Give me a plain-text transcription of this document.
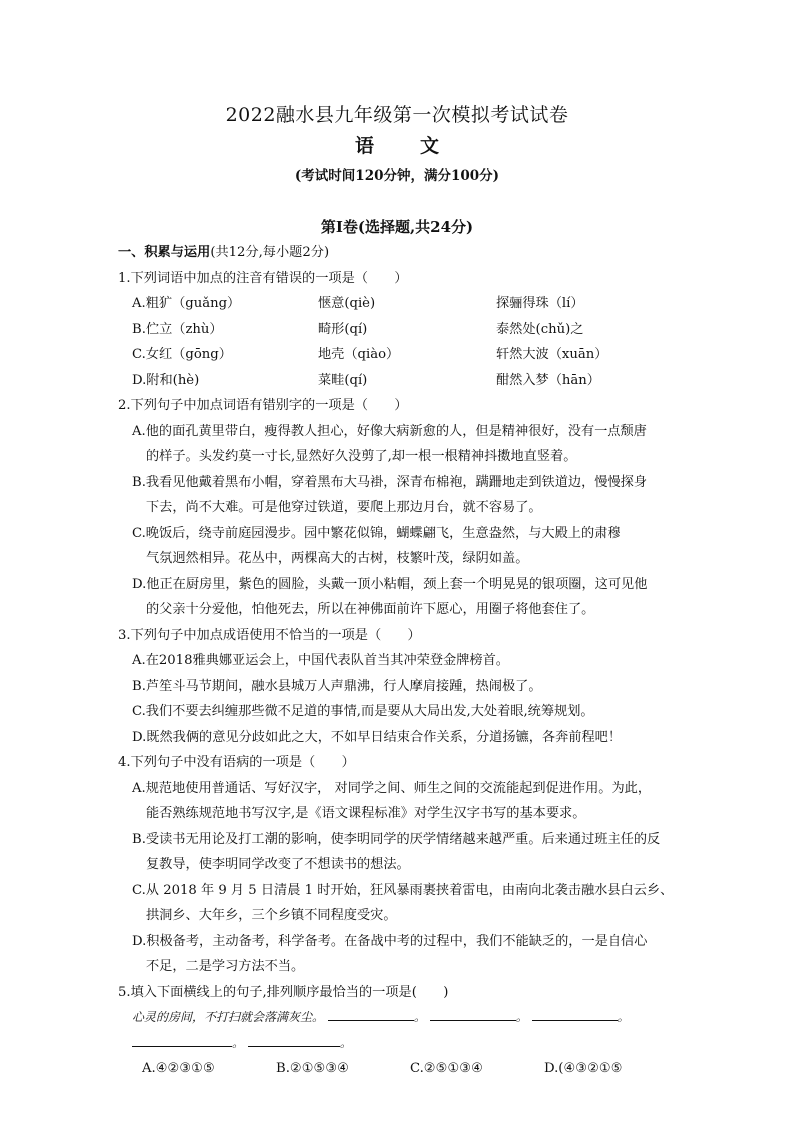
2022融水县九年级第一次模拟考试试卷
语 文
(考试时间120分钟，满分100分)
第Ⅰ卷(选择题,共24分)
一、积累与运用(共12分,每小题2分)
1.下列词语中加点的注音有错误的一项是（　　）
A.粗犷（guǎng）	惬意(qiè)	探骊得珠（lí）
B.伫立（zhù）	畸形(qí)	泰然处(chǔ)之
C.女红（gōng）	地壳（qiào）	轩然大波（xuān）
D.附和(hè)	菜畦(qí)	酣然入梦（hān）
2.下列句子中加点词语有错别字的一项是（　　）
A.他的面孔黄里带白，瘦得教人担心，好像大病新愈的人，但是精神很好，没有一点颓唐
的样子。头发约莫一寸长,显然好久没剪了,却一根一根精神抖擞地直竖着。
B.我看见他戴着黑布小帽，穿着黑布大马褂，深青布棉袍，蹒跚地走到铁道边，慢慢探身
下去，尚不大难。可是他穿过铁道，要爬上那边月台，就不容易了。
C.晚饭后，绕寺前庭园漫步。园中繁花似锦，蝴蝶翩飞，生意盎然，与大殿上的肃穆
气氛迥然相异。花丛中，两棵高大的古树，枝繁叶茂，绿阴如盖。
D.他正在厨房里，紫色的圆脸，头戴一顶小粘帽，颈上套一个明晃晃的银项圈，这可见他
的父亲十分爱他，怕他死去，所以在神佛面前许下愿心，用圈子将他套住了。
3.下列句子中加点成语使用不恰当的一项是（　　）
A.在2018雅典娜亚运会上，中国代表队首当其冲荣登金牌榜首。
B.芦笙斗马节期间，融水县城万人声鼎沸，行人摩肩接踵，热闹极了。
C.我们不要去纠缠那些微不足道的事情,而是要从大局出发,大处着眼,统筹规划。
D.既然我俩的意见分歧如此之大，不如早日结束合作关系，分道扬镳，各奔前程吧！
4.下列句子中没有语病的一项是（　　）
A.规范地使用普通话、写好汉字， 对同学之间、师生之间的交流能起到促进作用。为此，
能否熟练规范地书写汉字,是《语文课程标准》对学生汉字书写的基本要求。
B.受读书无用论及打工潮的影响，使李明同学的厌学情绪越来越严重。后来通过班主任的反
复教导，使李明同学改变了不想读书的想法。
C.从 2018 年 9 月 5 日清晨 1 时开始，狂风暴雨裹挟着雷电，由南向北袭击融水县白云乡、
拱洞乡、大年乡，三个乡镇不同程度受灾。
D.积极备考，主动备考，科学备考。在备战中考的过程中，我们不能缺乏的，一是自信心
不足，二是学习方法不当。
5.填入下面横线上的句子,排列顺序最恰当的一项是(　　)
心灵的房间，不打扫就会落满灰尘。	。	。	。
。	。
A.④②③①⑤	B.②①⑤③④	C.②⑤①③④	D.(④③②①⑤
